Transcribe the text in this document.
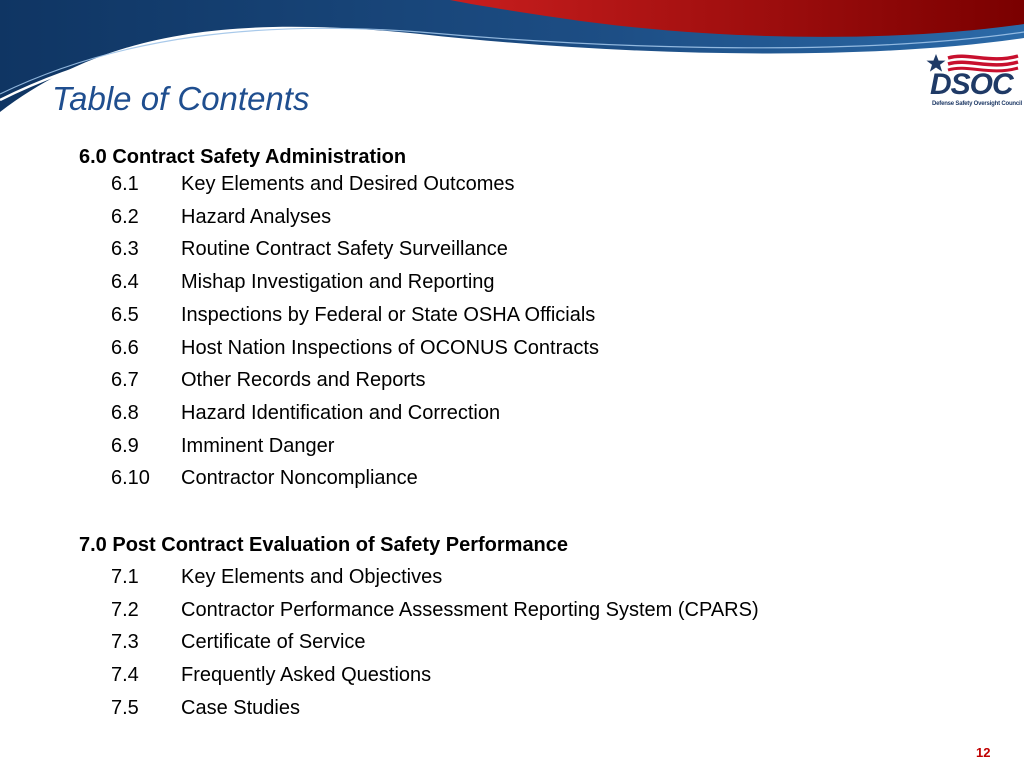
Table of Contents	DSOC
Defense Safety Oversight Council
6.0 Contract Safety Administration
6.1 Key Elements and Desired Outcomes
6.2 Hazard Analyses
6.3 Routine Contract Safety Surveillance
6.4 Mishap Investigation and Reporting
6.5 Inspections by Federal or State OSHA Officials
6.6 Host Nation Inspections of OCONUS Contracts
6.7 Other Records and Reports
6.8 Hazard Identification and Correction
6.9 Imminent Danger
6.10 Contractor Noncompliance
7.0 Post Contract Evaluation of Safety Performance
7.1 Key Elements and Objectives
7.2 Contractor Performance Assessment Reporting System (CPARS)
7.3 Certificate of Service
7.4 Frequently Asked Questions
7.5 Case Studies
12
